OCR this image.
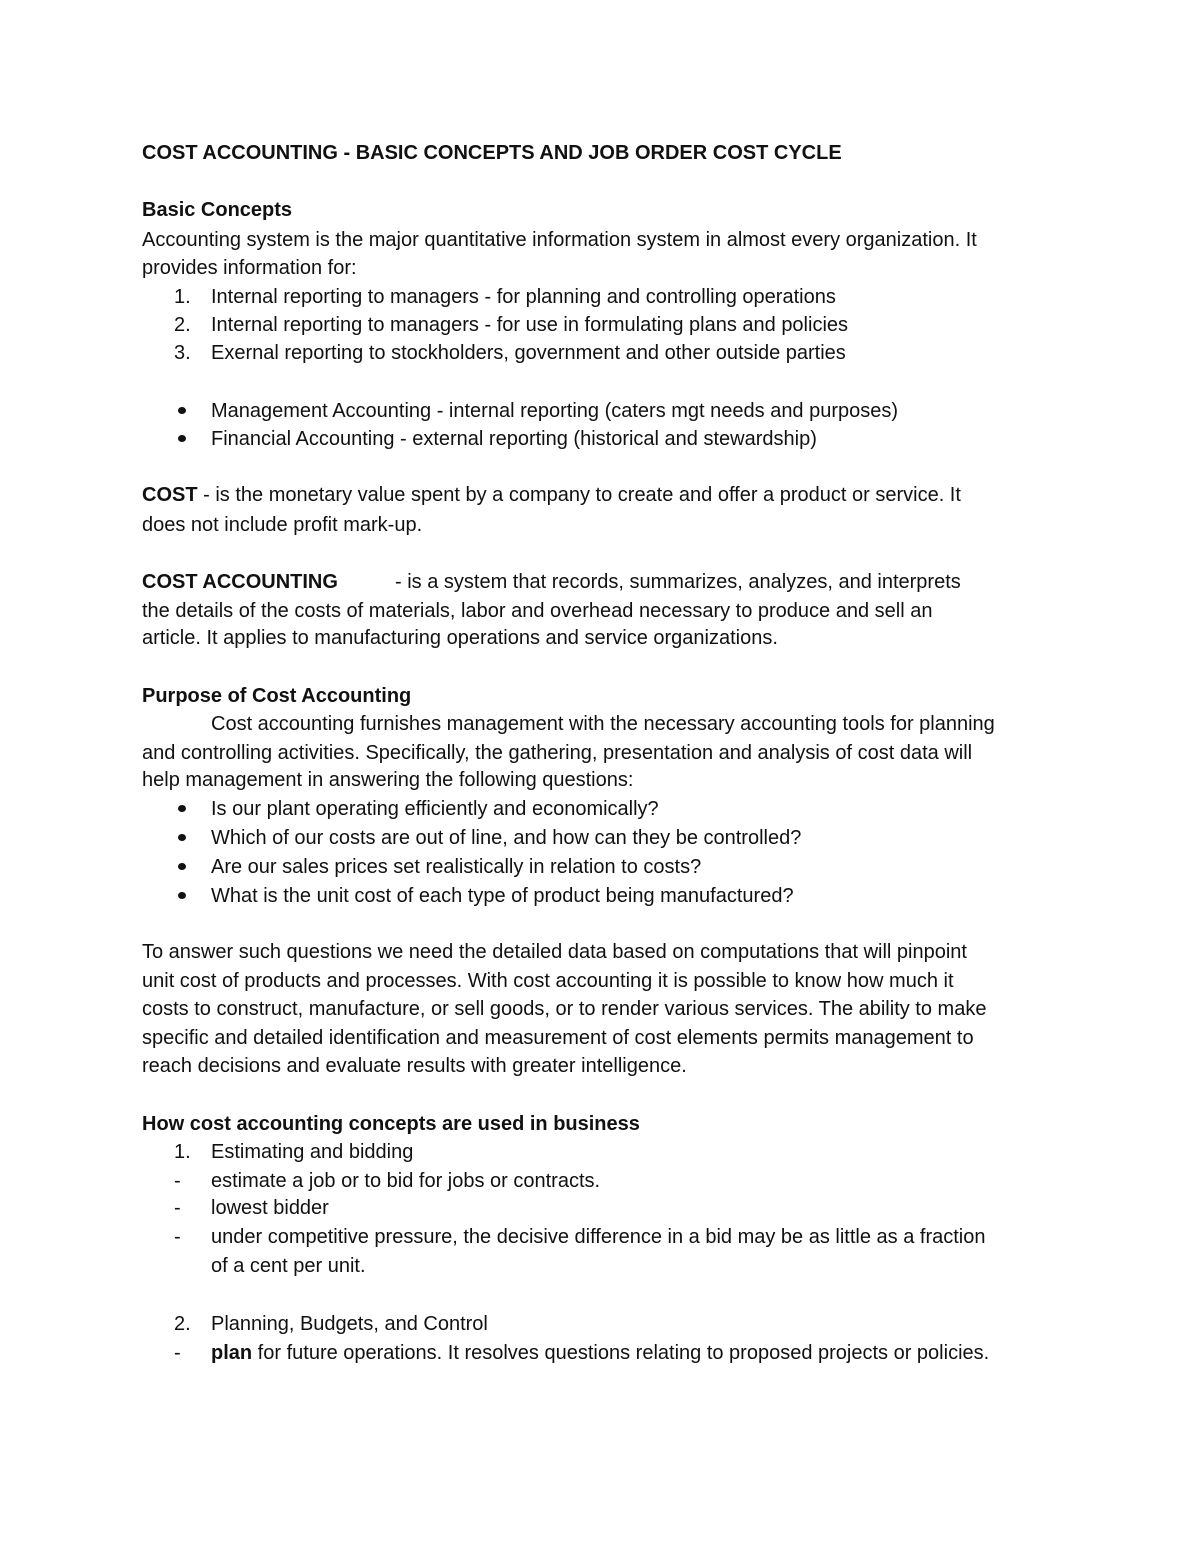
COST ACCOUNTING - BASIC CONCEPTS AND JOB ORDER COST CYCLE
Basic Concepts
Accounting system is the major quantitative information system in almost every organization. It
provides information for:
1.	Internal reporting to managers - for planning and controlling operations
2.	Internal reporting to managers - for use in formulating plans and policies
3.	Exernal reporting to stockholders, government and other outside parties
Management Accounting - internal reporting (caters mgt needs and purposes)
Financial Accounting - external reporting (historical and stewardship)
COST - is the monetary value spent by a company to create and offer a product or service. It
does not include profit mark-up.
COST ACCOUNTING	- is a system that records, summarizes, analyzes, and interprets
the details of the costs of materials, labor and overhead necessary to produce and sell an
article. It applies to manufacturing operations and service organizations.
Purpose of Cost Accounting
Cost accounting furnishes management with the necessary accounting tools for planning
and controlling activities. Specifically, the gathering, presentation and analysis of cost data will
help management in answering the following questions:
Is our plant operating efficiently and economically?
Which of our costs are out of line, and how can they be controlled?
Are our sales prices set realistically in relation to costs?
What is the unit cost of each type of product being manufactured?
To answer such questions we need the detailed data based on computations that will pinpoint
unit cost of products and processes. With cost accounting it is possible to know how much it
costs to construct, manufacture, or sell goods, or to render various services. The ability to make
specific and detailed identification and measurement of cost elements permits management to
reach decisions and evaluate results with greater intelligence.
How cost accounting concepts are used in business
1.	Estimating and bidding
-	estimate a job or to bid for jobs or contracts.
-	lowest bidder
-	under competitive pressure, the decisive difference in a bid may be as little as a fraction
of a cent per unit.
2.	Planning, Budgets, and Control
-	plan for future operations. It resolves questions relating to proposed projects or policies.
